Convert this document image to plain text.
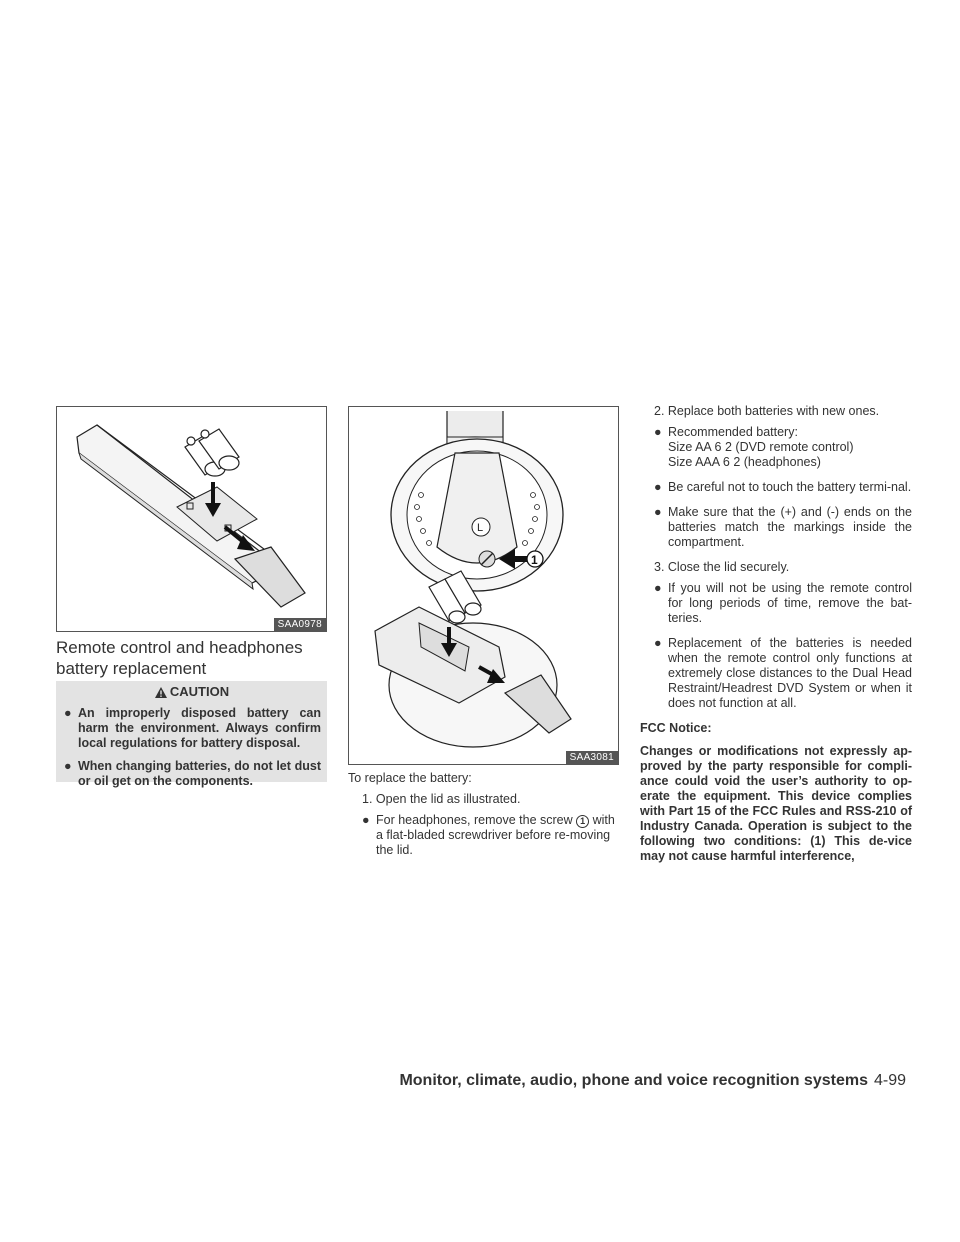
SAA0978
L
1
SAA3081
Remote control and headphones battery replacement
CAUTION
● An improperly disposed battery can harm the environment. Always confirm local regulations for battery disposal.
● When changing batteries, do not let dust or oil get on the components.	To replace the battery:

1. Open the lid as illustrated.

● For headphones, remove the screw 1 with a flat-bladed screwdriver before re-moving the lid.

2. Replace both batteries with new ones.

● Recommended battery:
Size AA 6 2 (DVD remote control)
Size AAA 6 2 (headphones)
● Be careful not to touch the battery termi-nal.
● Make sure that the (+) and (-) ends on the batteries match the markings inside the compartment.

3. Close the lid securely.

● If you will not be using the remote control for long periods of time, remove the bat-teries.
● Replacement of the batteries is needed when the remote control only functions at extremely close distances to the Dual Head Restraint/Headrest DVD System or when it does not function at all.

FCC Notice:

Changes or modifications not expressly ap-proved by the party responsible for compli-ance could void the user’s authority to op-erate the equipment. This device complies with Part 15 of the FCC Rules and RSS-210 of Industry Canada. Operation is subject to the following two conditions: (1) This de-vice may not cause harmful interference,

Monitor, climate, audio, phone and voice recognition systems 4-99
